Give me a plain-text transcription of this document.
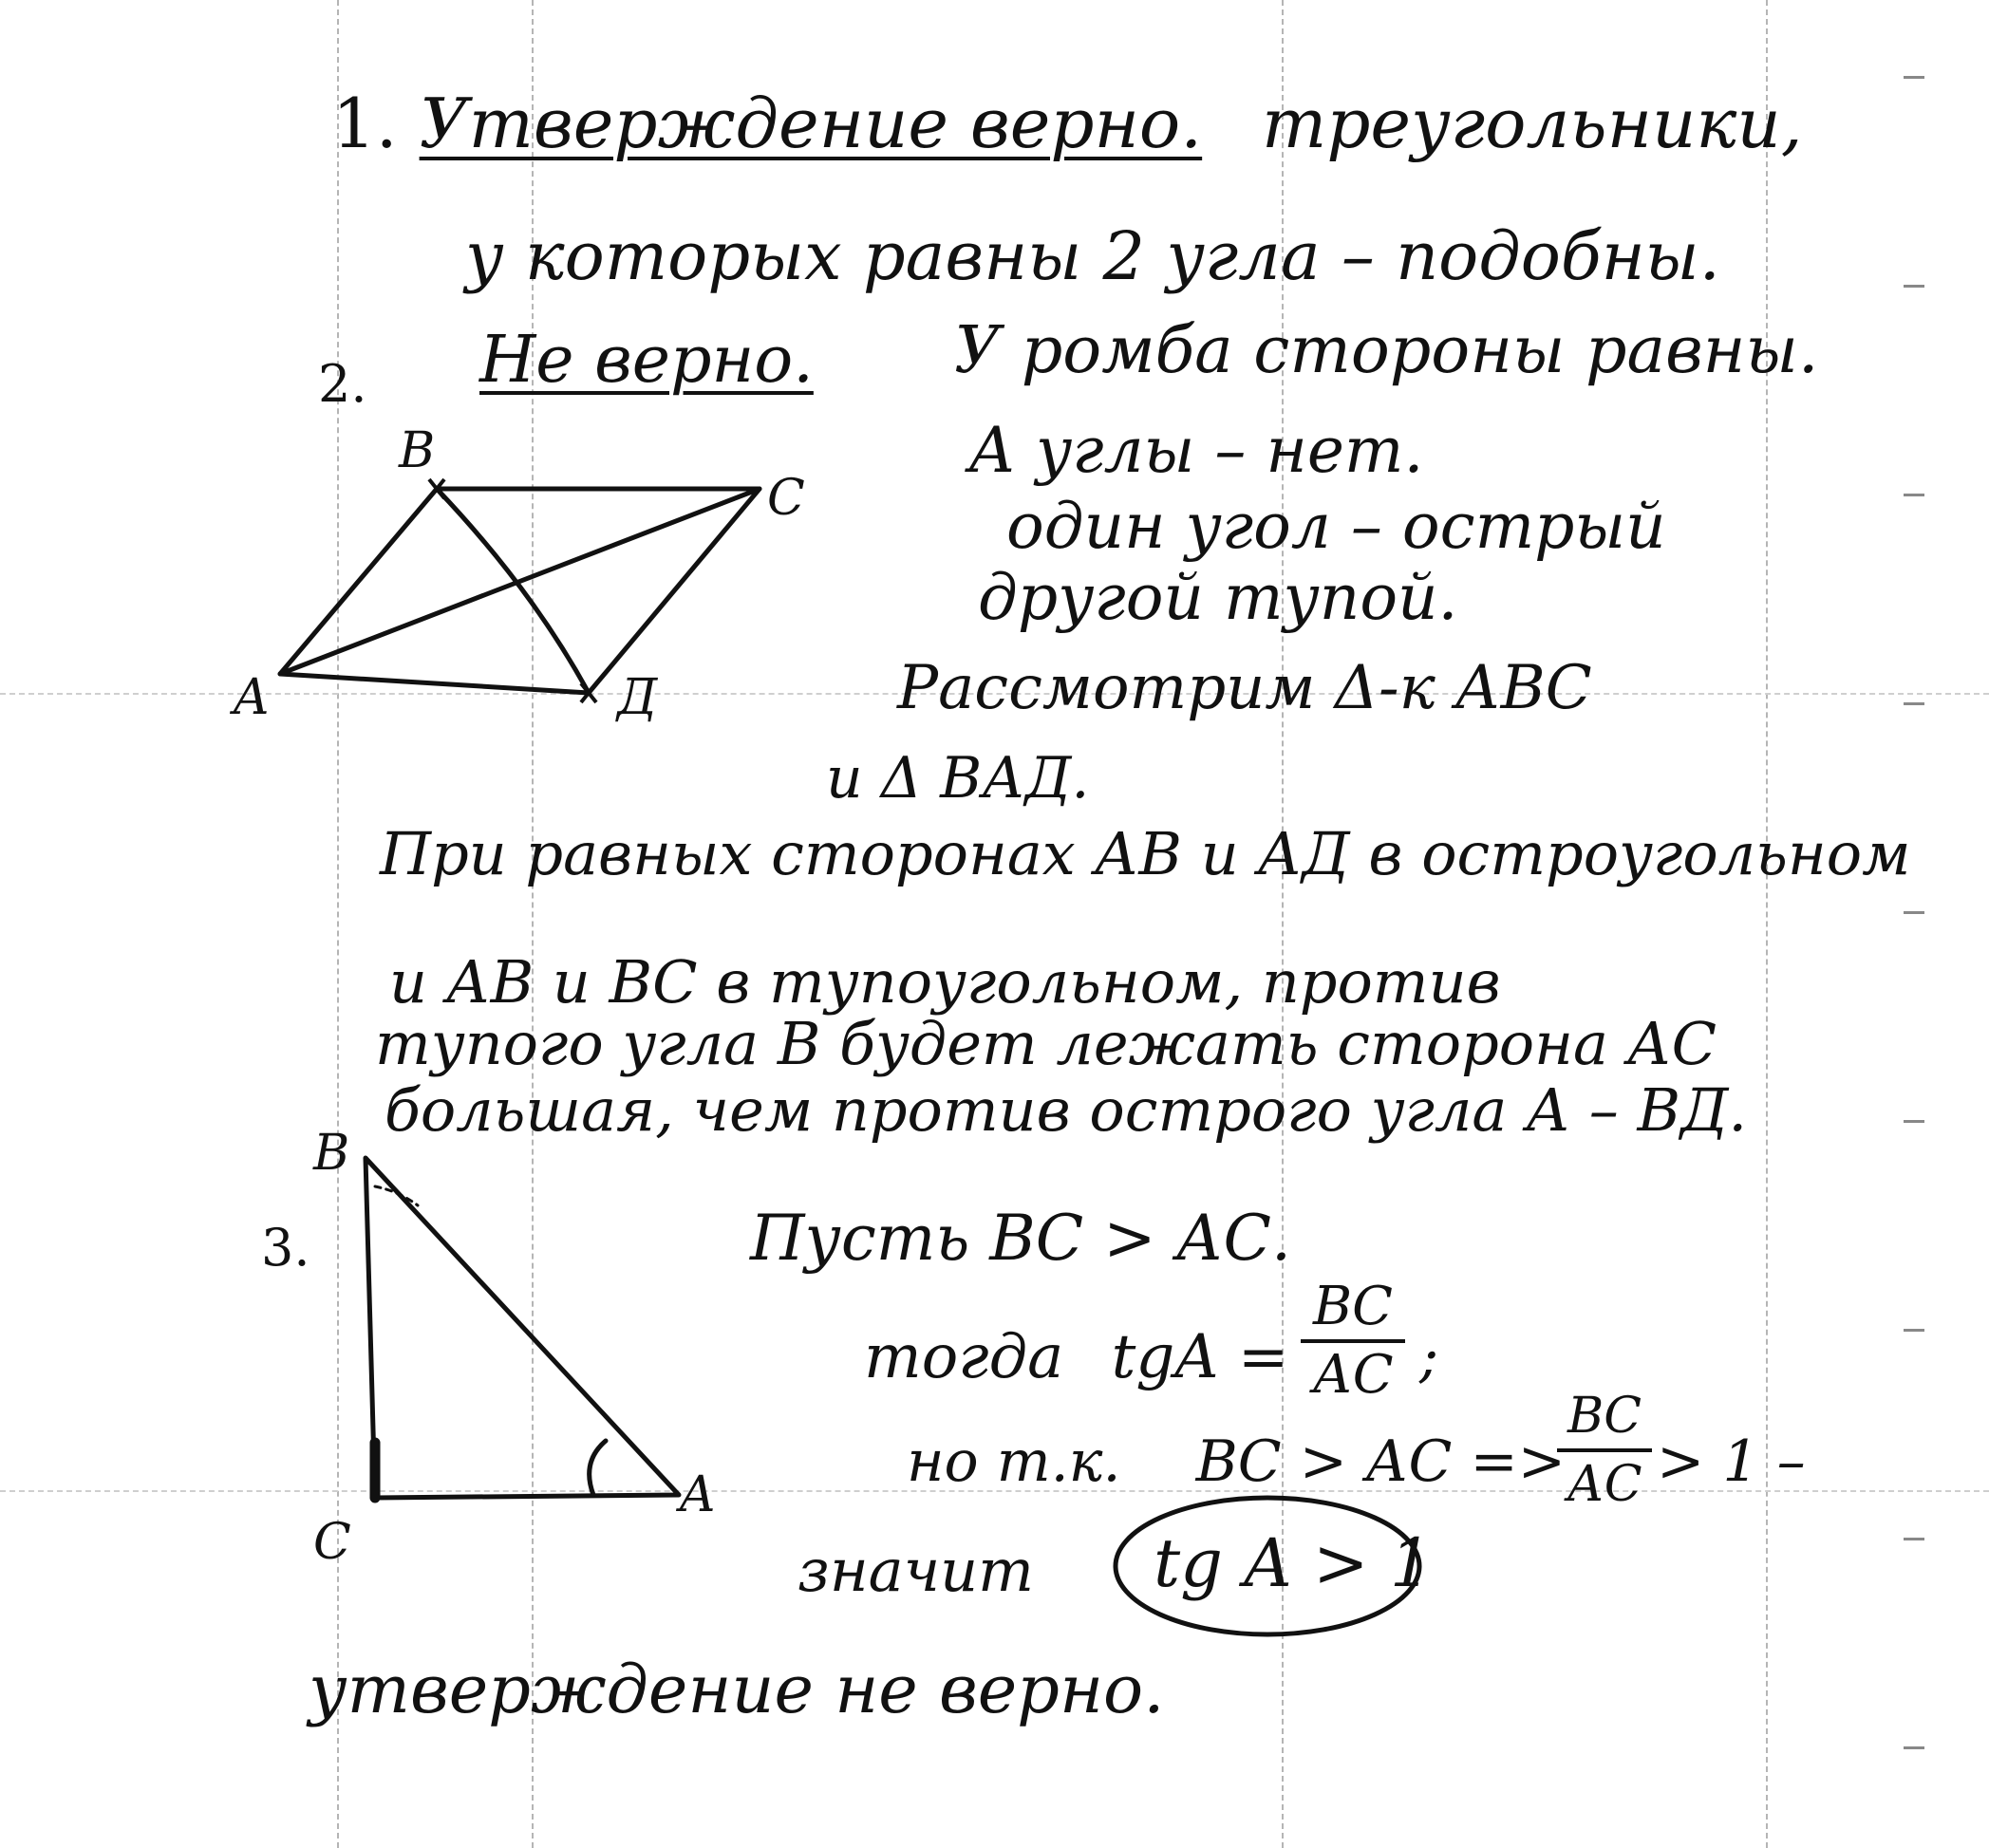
1. Утверждение верно. треугольники,
у которых равны 2 угла – подобны.
2. Не верно. У ромба стороны равны.
А углы – нет.
один угол – острый
другой тупой.
Рассмотрим Δ-к АВС
и Δ ВАД.
В
С
А	Д
При равных сторонах АВ и АД в остроугольном
и АВ и ВС в тупоугольном, против
тупого угла В будет лежать сторона АС
большая, чем против острого угла А – ВД.
3.
В
С
А
Пусть ВС > АС.
тогда tgA =
ВС
АС ;
но т.к. ВС > АС =>
ВС
АС > 1 –
значит tg A > 1
утверждение не верно.
